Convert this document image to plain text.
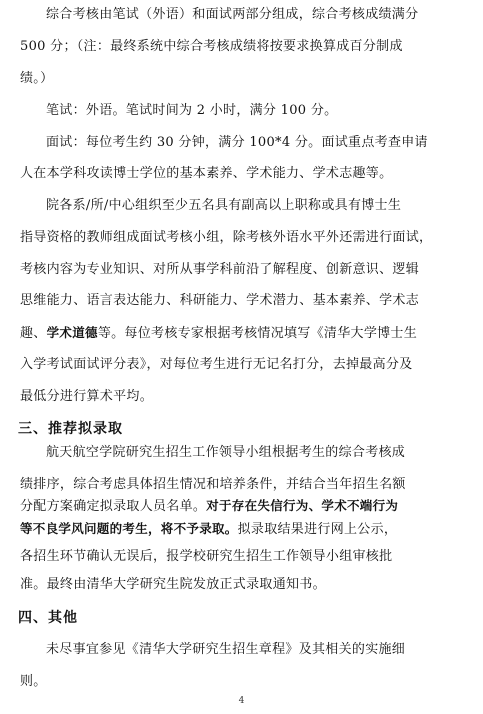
综合考核由笔试（外语）和面试两部分组成，综合考核成绩满分
500 分；（注：最终系统中综合考核成绩将按要求换算成百分制成
绩。）
笔试：外语。笔试时间为 2 小时，满分 100 分。
面试：每位考生约 30 分钟，满分 100*4 分。面试重点考查申请
人在本学科攻读博士学位的基本素养、学术能力、学术志趣等。
院各系/所/中心组织至少五名具有副高以上职称或具有博士生
指导资格的教师组成面试考核小组，除考核外语水平外还需进行面试，
考核内容为专业知识、对所从事学科前沿了解程度、创新意识、逻辑
思维能力、语言表达能力、科研能力、学术潜力、基本素养、学术志
趣、学术道德等。每位考核专家根据考核情况填写《清华大学博士生
入学考试面试评分表》，对每位考生进行无记名打分，去掉最高分及
最低分进行算术平均。
三、推荐拟录取
航天航空学院研究生招生工作领导小组根据考生的综合考核成
绩排序，综合考虑具体招生情况和培养条件，并结合当年招生名额
分配方案确定拟录取人员名单。对于存在失信行为、学术不端行为
等不良学风问题的考生，将不予录取。拟录取结果进行网上公示，
各招生环节确认无误后，报学校研究生招生工作领导小组审核批
准。最终由清华大学研究生院发放正式录取通知书。
四、其他
未尽事宜参见《清华大学研究生招生章程》及其相关的实施细
则。
4
